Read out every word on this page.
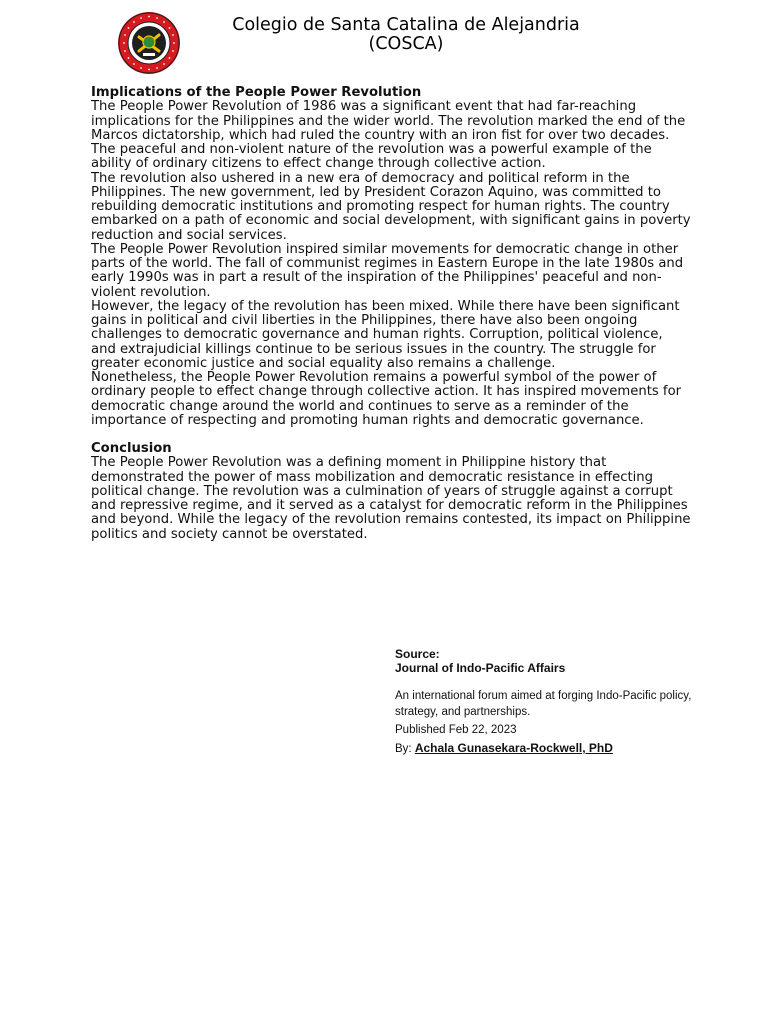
Colegio de Santa Catalina de Alejandria
(COSCA)
Implications of the People Power Revolution

The People Power Revolution of 1986 was a significant event that had far-reaching implications for the Philippines and the wider world. The revolution marked the end of the Marcos dictatorship, which had ruled the country with an iron fist for over two decades. The peaceful and non-violent nature of the revolution was a powerful example of the ability of ordinary citizens to effect change through collective action.

The revolution also ushered in a new era of democracy and political reform in the Philippines. The new government, led by President Corazon Aquino, was committed to rebuilding democratic institutions and promoting respect for human rights. The country embarked on a path of economic and social development, with significant gains in poverty reduction and social services.

The People Power Revolution inspired similar movements for democratic change in other parts of the world. The fall of communist regimes in Eastern Europe in the late 1980s and early 1990s was in part a result of the inspiration of the Philippines' peaceful and non-violent revolution.

However, the legacy of the revolution has been mixed. While there have been significant gains in political and civil liberties in the Philippines, there have also been ongoing challenges to democratic governance and human rights. Corruption, political violence, and extrajudicial killings continue to be serious issues in the country. The struggle for greater economic justice and social equality also remains a challenge.

Nonetheless, the People Power Revolution remains a powerful symbol of the power of ordinary people to effect change through collective action. It has inspired movements for democratic change around the world and continues to serve as a reminder of the importance of respecting and promoting human rights and democratic governance.

Conclusion

The People Power Revolution was a defining moment in Philippine history that demonstrated the power of mass mobilization and democratic resistance in effecting political change. The revolution was a culmination of years of struggle against a corrupt and repressive regime, and it served as a catalyst for democratic reform in the Philippines and beyond. While the legacy of the revolution remains contested, its impact on Philippine politics and society cannot be overstated.

Source:
Journal of Indo-Pacific Affairs
An international forum aimed at forging Indo-Pacific policy, strategy, and partnerships.
Published Feb 22, 2023
By: Achala Gunasekara-Rockwell, PhD
